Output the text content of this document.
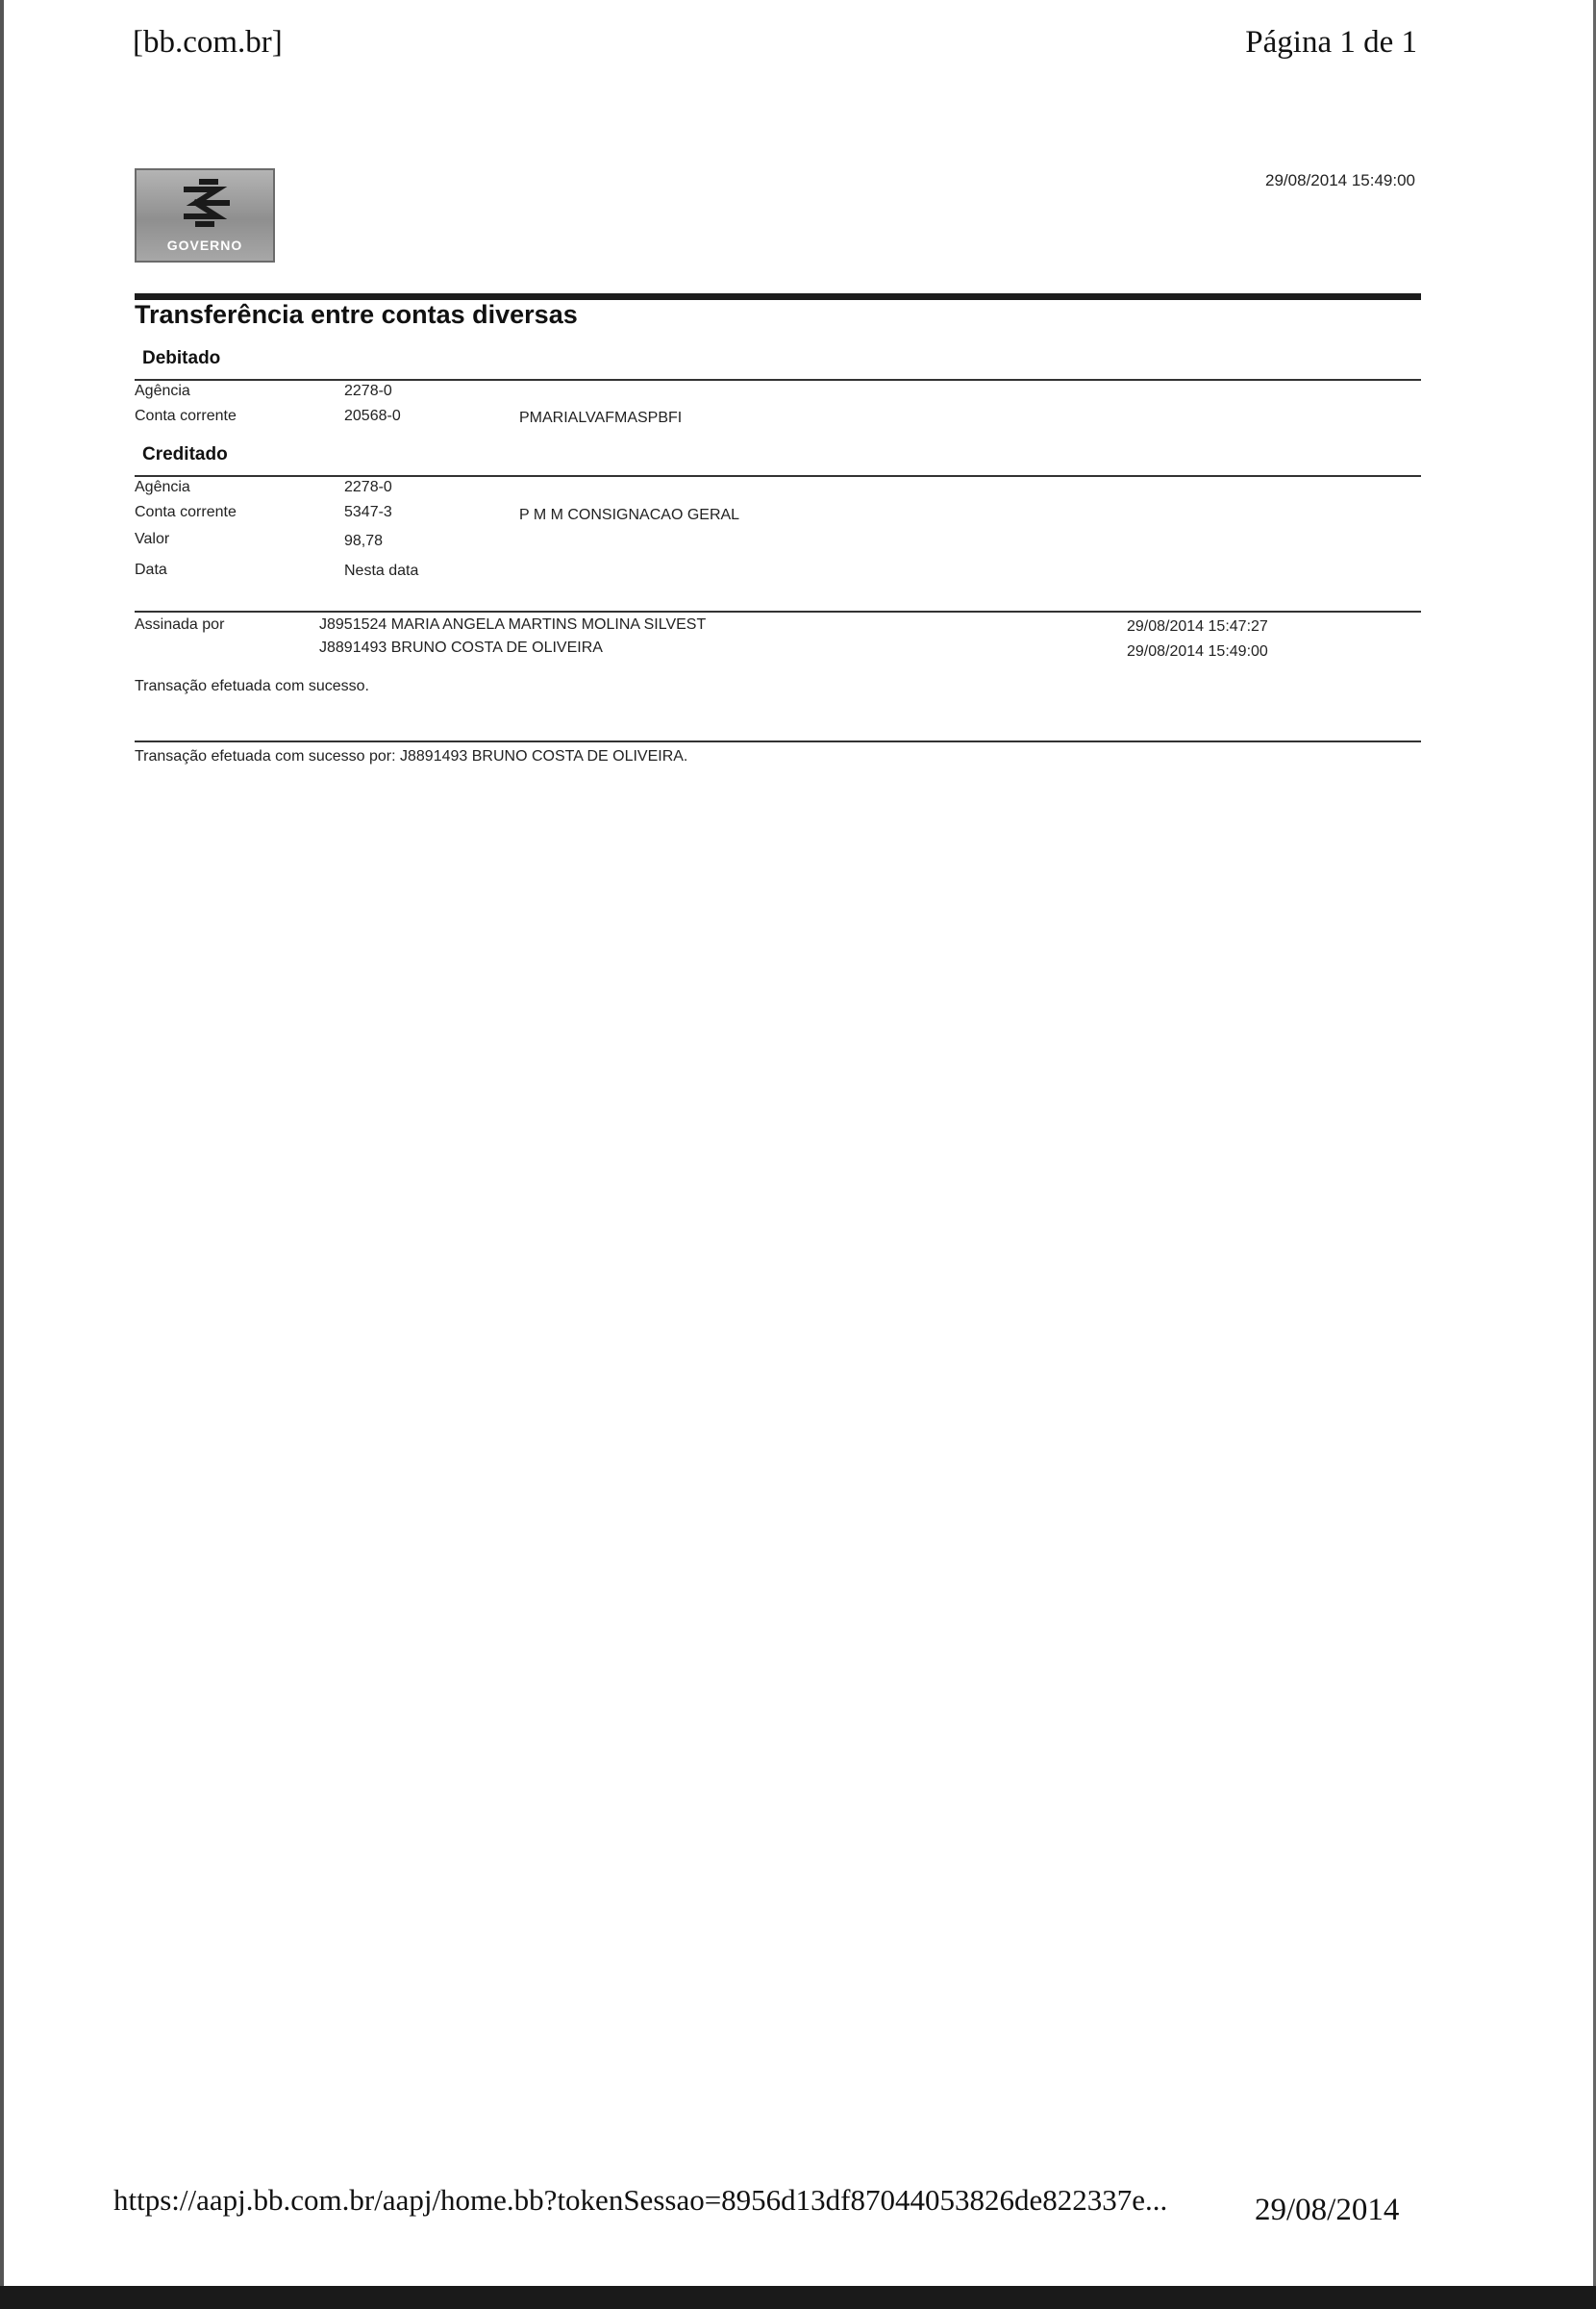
[bb.com.br]	Página 1 de 1
GOVERNO
29/08/2014 15:49:00
Transferência entre contas diversas
Debitado
Agência	2278-0
Conta corrente	20568-0	PMARIALVAFMASPBFI
Creditado
Agência	2278-0
Conta corrente	5347-3	P M M CONSIGNACAO GERAL
Valor	98,78
Data	Nesta data
Assinada por	J8951524 MARIA ANGELA MARTINS MOLINA SILVEST	29/08/2014 15:47:27
J8891493 BRUNO COSTA DE OLIVEIRA	29/08/2014 15:49:00
Transação efetuada com sucesso.
Transação efetuada com sucesso por: J8891493 BRUNO COSTA DE OLIVEIRA.
https://aapj.bb.com.br/aapj/home.bb?tokenSessao=8956d13df87044053826de822337e...	29/08/2014
